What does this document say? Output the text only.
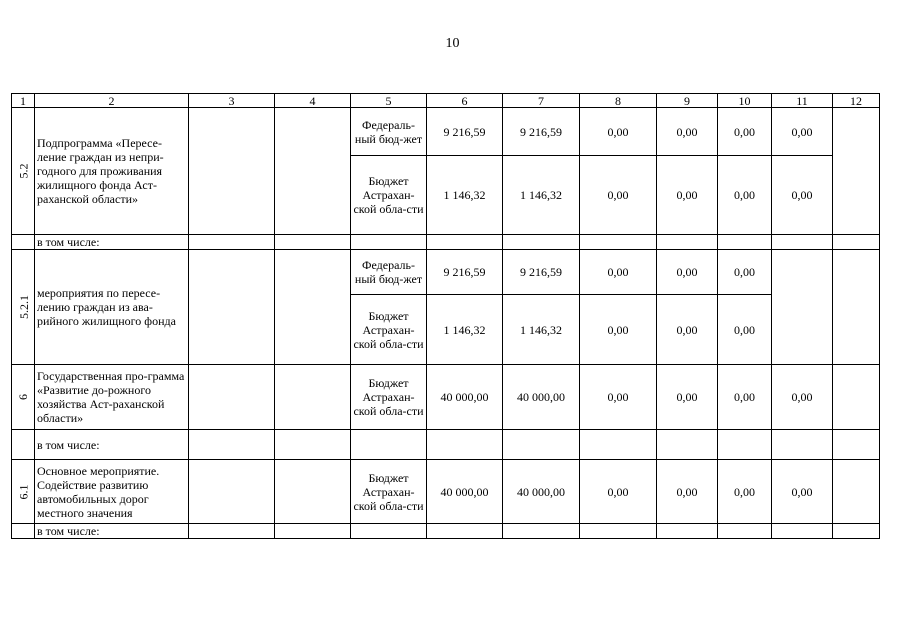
10
1	2	3	4	5	6	7	8	9	10	11	12
5.2	Подпрограмма «Пересе-ление граждан из непри-годного для проживания жилищного фонда Аст-раханской области»			Федераль-ный бюд-жет	9 216,59	9 216,59	0,00	0,00	0,00	0,00	
				Бюджет Астрахан-ской обла-сти	1 146,32	1 146,32	0,00	0,00	0,00	0,00	
	в том числе:										
5.2.1	мероприятия по пересе-лению граждан из ава-рийного жилищного фонда			Федераль-ный бюд-жет	9 216,59	9 216,59	0,00	0,00	0,00		
				Бюджет Астрахан-ской обла-сти	1 146,32	1 146,32	0,00	0,00	0,00		
6	Государственная про-грамма «Развитие до-рожного хозяйства Аст-раханской области»			Бюджет Астрахан-ской обла-сти	40 000,00	40 000,00	0,00	0,00	0,00	0,00	
	в том числе:										
6.1	Основное мероприятие. Содействие развитию автомобильных дорог местного значения			Бюджет Астрахан-ской обла-сти	40 000,00	40 000,00	0,00	0,00	0,00	0,00	
	в том числе:										
